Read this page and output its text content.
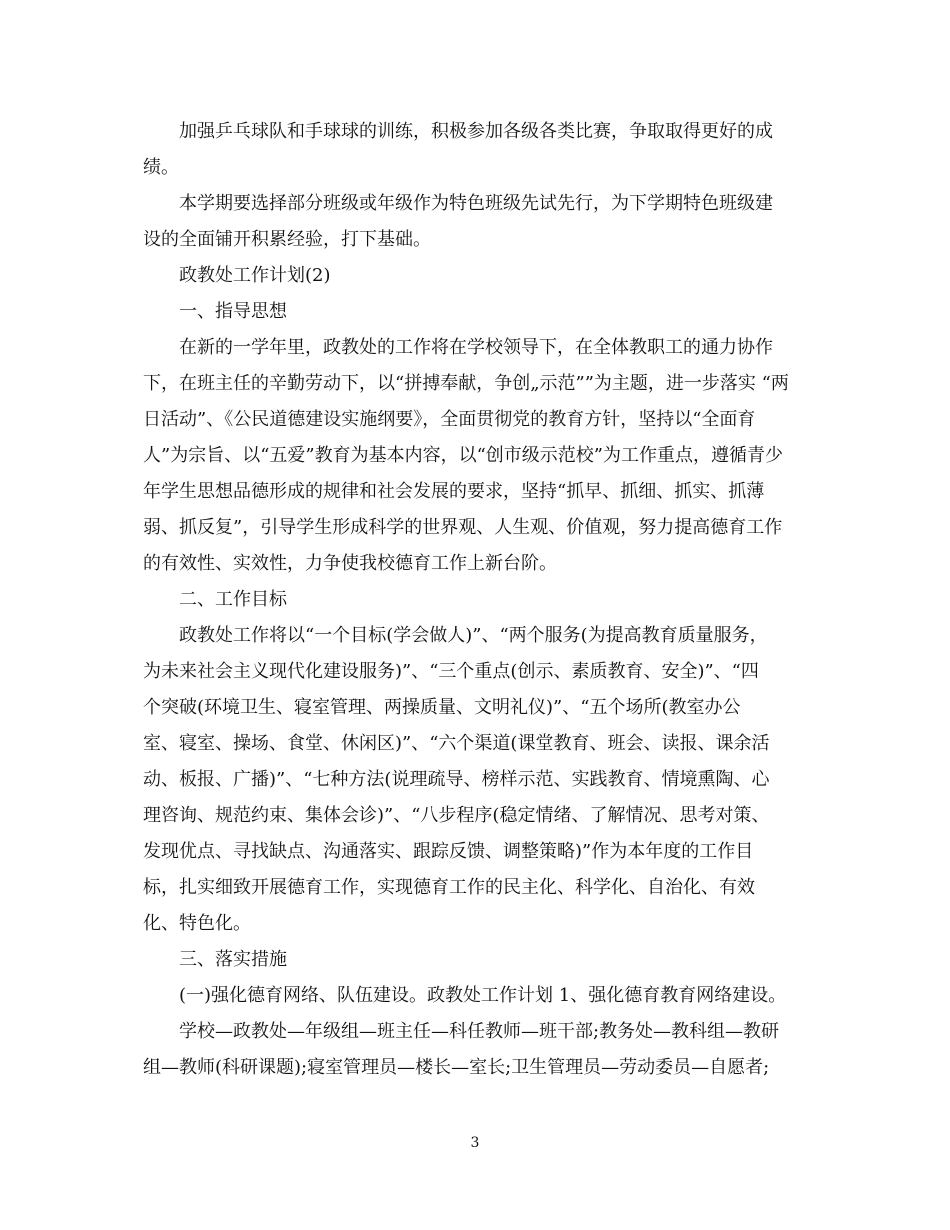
加强乒乓球队和手球球的训练，积极参加各级各类比赛，争取取得更好的成
绩。
本学期要选择部分班级或年级作为特色班级先试先行，为下学期特色班级建
设的全面铺开积累经验，打下基础。
政教处工作计划(2)
一、指导思想
在新的一学年里，政教处的工作将在学校领导下，在全体教职工的通力协作
下，在班主任的辛勤劳动下，以“拼搏奉献，争创„示范””为主题，进一步落实 “两
日活动”、《公民道德建设实施纲要》，全面贯彻党的教育方针，坚持以“全面育
人”为宗旨、以“五爱”教育为基本内容，以“创市级示范校”为工作重点，遵循青少
年学生思想品德形成的规律和社会发展的要求，坚持“抓早、抓细、抓实、抓薄
弱、抓反复”，引导学生形成科学的世界观、人生观、价值观，努力提高德育工作
的有效性、实效性，力争使我校德育工作上新台阶。
二、工作目标
政教处工作将以“一个目标(学会做人)”、“两个服务(为提高教育质量服务，
为未来社会主义现代化建设服务)”、“三个重点(创示、素质教育、安全)”、“四
个突破(环境卫生、寝室管理、两操质量、文明礼仪)”、“五个场所(教室办公
室、寝室、操场、食堂、休闲区)”、“六个渠道(课堂教育、班会、读报、课余活
动、板报、广播)”、“七种方法(说理疏导、榜样示范、实践教育、情境熏陶、心
理咨询、规范约束、集体会诊)”、“八步程序(稳定情绪、了解情况、思考对策、
发现优点、寻找缺点、沟通落实、跟踪反馈、调整策略)”作为本年度的工作目
标，扎实细致开展德育工作，实现德育工作的民主化、科学化、自治化、有效
化、特色化。
三、落实措施
(一)强化德育网络、队伍建设。政教处工作计划 1、强化德育教育网络建设。
学校—政教处—年级组—班主任—科任教师—班干部;教务处—教科组—教研
组—教师(科研课题);寝室管理员—楼长—室长;卫生管理员—劳动委员—自愿者;
3
